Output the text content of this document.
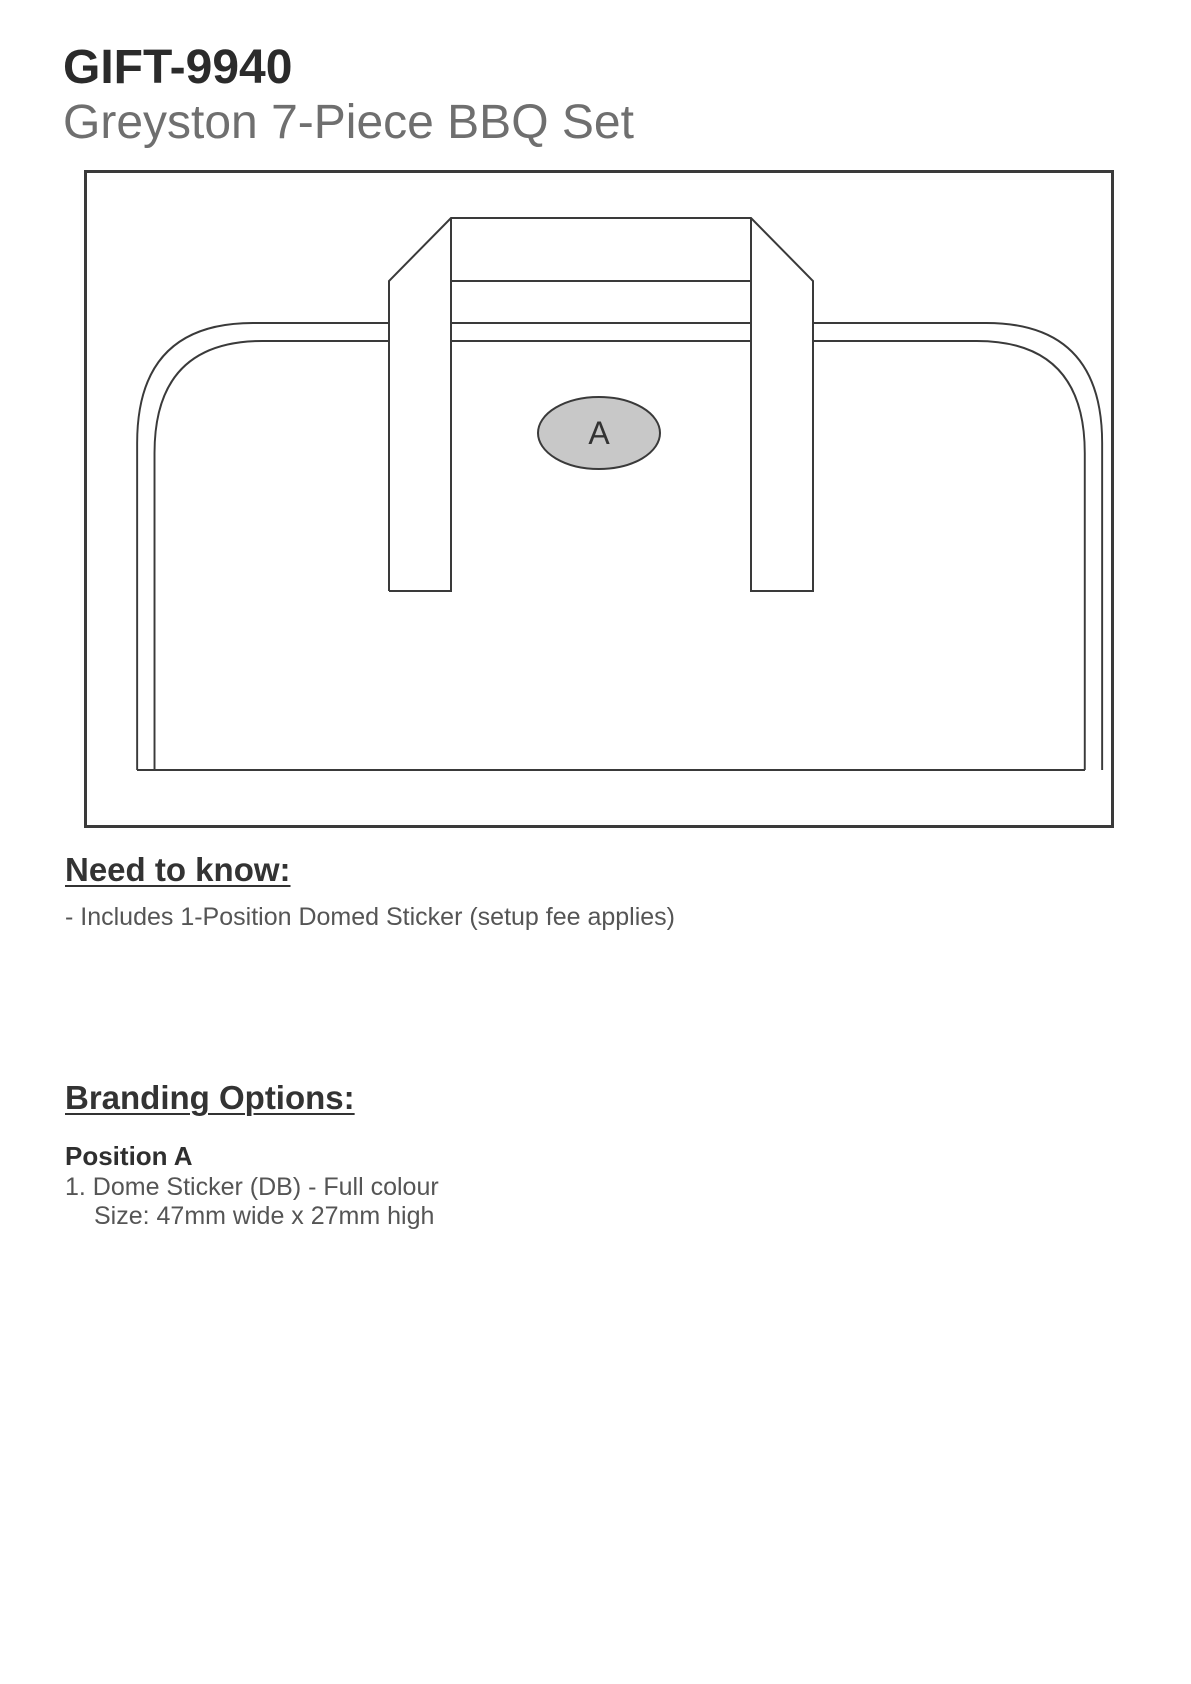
GIFT-9940
Greyston 7-Piece BBQ Set
A
Need to know:

- Includes 1-Position Domed Sticker (setup fee applies)

Branding Options:

Position A

1. Dome Sticker (DB) - Full colour

Size: 47mm wide x 27mm high
